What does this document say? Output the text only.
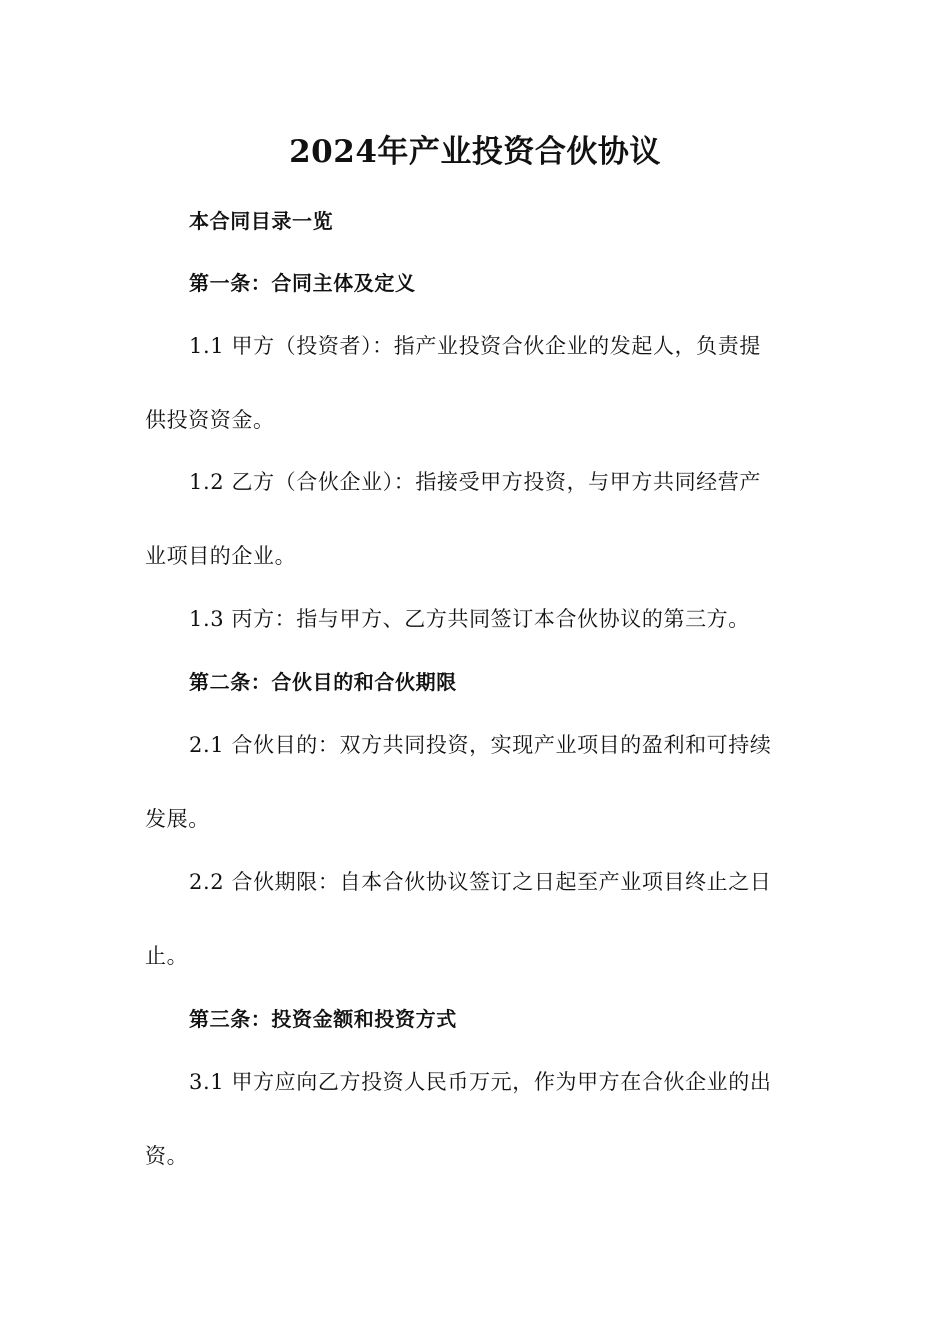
2024年产业投资合伙协议

本合同目录一览

第一条：合同主体及定义

1.1 甲方（投资者）：指产业投资合伙企业的发起人，负责提

供投资资金。

1.2 乙方（合伙企业）：指接受甲方投资，与甲方共同经营产

业项目的企业。

1.3 丙方：指与甲方、乙方共同签订本合伙协议的第三方。

第二条：合伙目的和合伙期限

2.1 合伙目的：双方共同投资，实现产业项目的盈利和可持续

发展。

2.2 合伙期限：自本合伙协议签订之日起至产业项目终止之日

止。

第三条：投资金额和投资方式

3.1 甲方应向乙方投资人民币万元，作为甲方在合伙企业的出

资。
